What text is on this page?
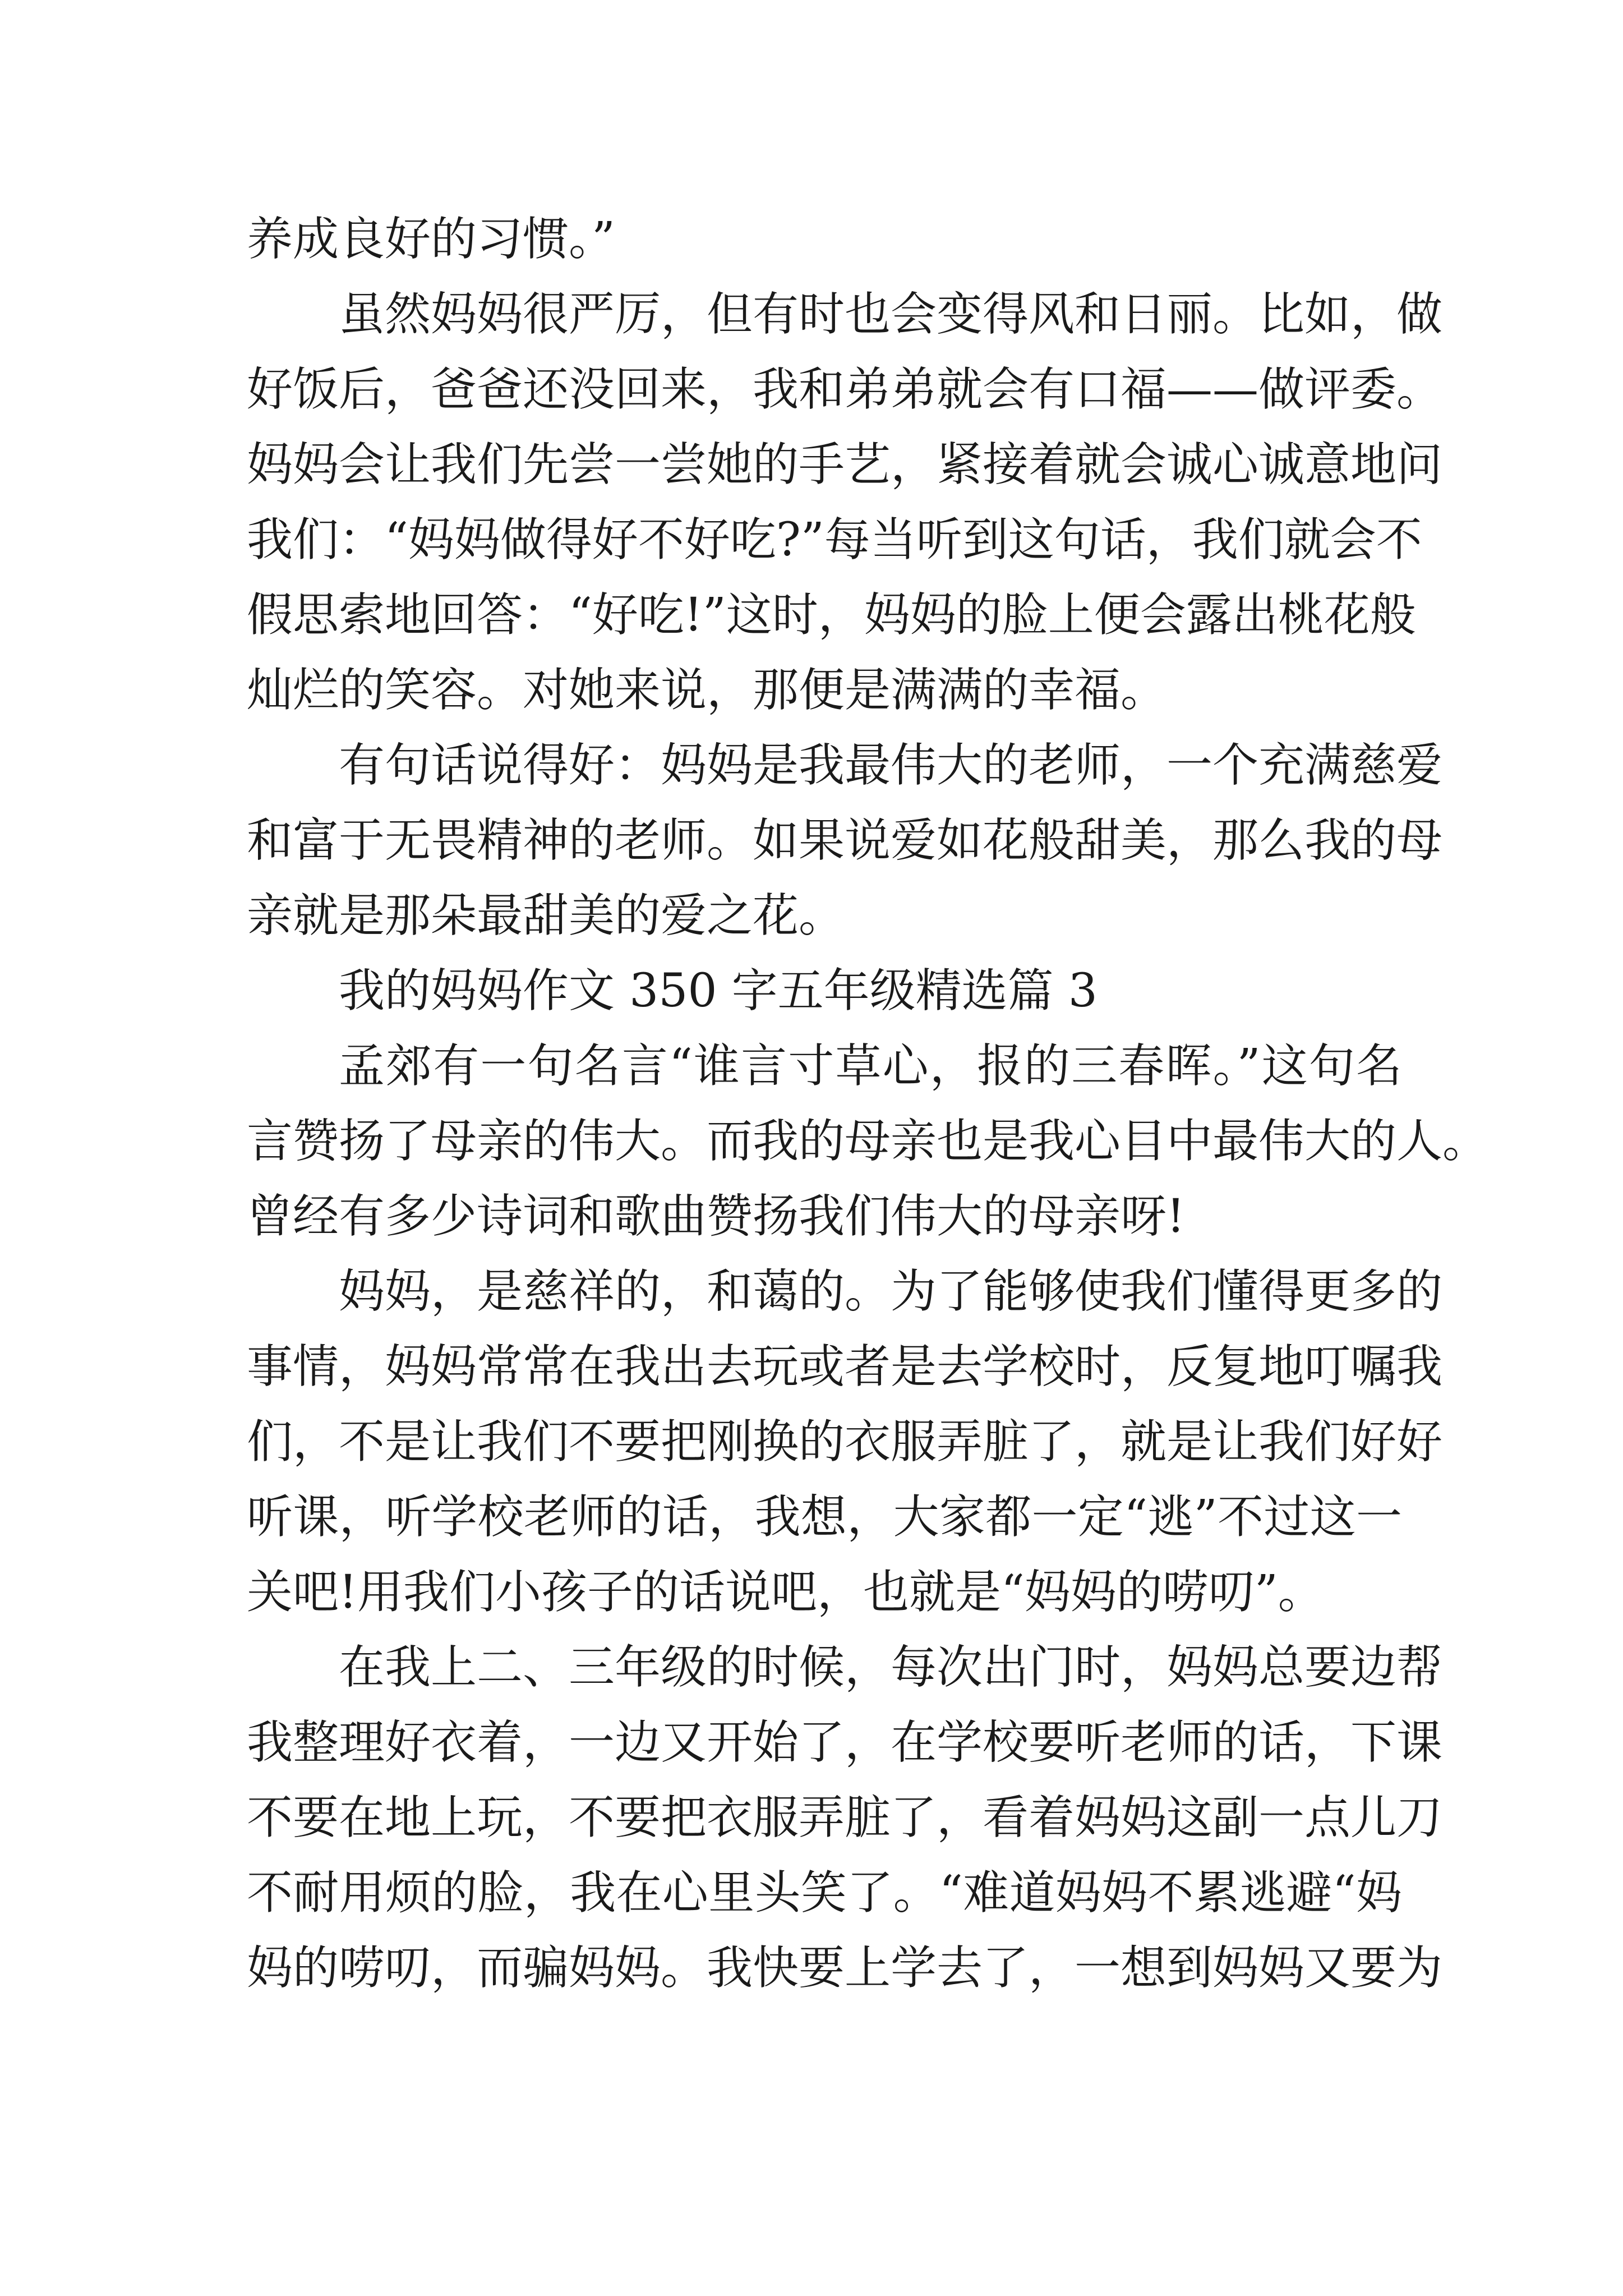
养成良好的习惯。”
虽然妈妈很严厉，但有时也会变得风和日丽。比如，做
好饭后，爸爸还没回来，我和弟弟就会有口福——做评委。
妈妈会让我们先尝一尝她的手艺，紧接着就会诚心诚意地问
我们：“妈妈做得好不好吃?”每当听到这句话，我们就会不
假思索地回答：“好吃!”这时，妈妈的脸上便会露出桃花般
灿烂的笑容。对她来说，那便是满满的幸福。
有句话说得好：妈妈是我最伟大的老师，一个充满慈爱
和富于无畏精神的老师。如果说爱如花般甜美，那么我的母
亲就是那朵最甜美的爱之花。
我的妈妈作文 350 字五年级精选篇 3
孟郊有一句名言“谁言寸草心，报的三春晖。”这句名
言赞扬了母亲的伟大。而我的母亲也是我心目中最伟大的人。
曾经有多少诗词和歌曲赞扬我们伟大的母亲呀!
妈妈，是慈祥的，和蔼的。为了能够使我们懂得更多的
事情，妈妈常常在我出去玩或者是去学校时，反复地叮嘱我
们，不是让我们不要把刚换的衣服弄脏了，就是让我们好好
听课，听学校老师的话，我想，大家都一定“逃”不过这一
关吧!用我们小孩子的话说吧，也就是“妈妈的唠叨”。
在我上二、三年级的时候，每次出门时，妈妈总要边帮
我整理好衣着，一边又开始了，在学校要听老师的话，下课
不要在地上玩，不要把衣服弄脏了，看着妈妈这副一点儿刀
不耐用烦的脸，我在心里头笑了。“难道妈妈不累逃避“妈
妈的唠叨，而骗妈妈。我快要上学去了，一想到妈妈又要为
